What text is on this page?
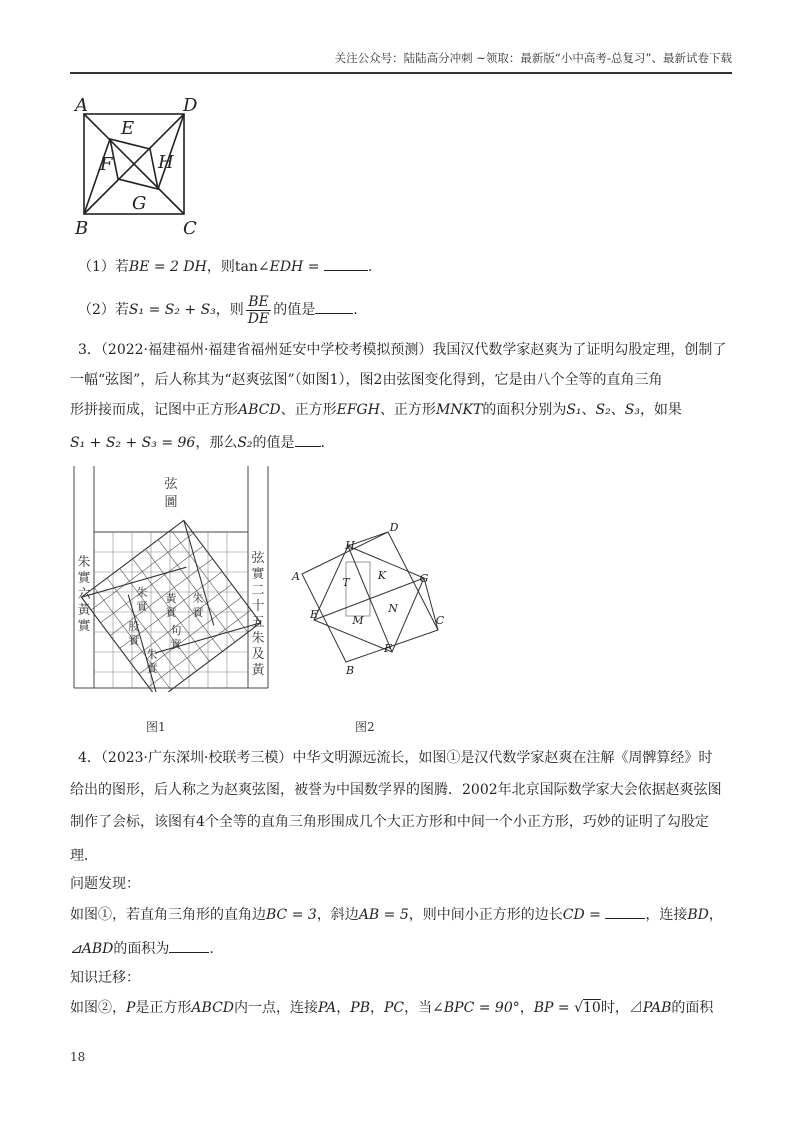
关注公众号：陆陆高分冲刺 ~领取：最新版“小中高考-总复习”、最新试卷下载
A	D
E
F	H
G
B	C
（1）若BE = 2 DH，则tan∠EDH =	.
（2）若S₁ = S₂ + S₃，则 $\frac{BE}{DE}$ 的值是	.
3．（2022·福建福州·福建省福州延安中学校考模拟预测）我国汉代数学家赵爽为了证明勾股定理，创制了
一幅“弦图”，后人称其为“赵爽弦图”（如图1），图2由弦图变化得到，它是由八个全等的直角三角
形拼接而成，记图中正方形ABCD、正方形EFGH、正方形MNKT的面积分别为S₁、S₂、S₃，如果
S₁ + S₂ + S₃ = 96，那么S₂的值是 .
弦
圖
朱
實
六
黃
實
弦
實
二
十
五
朱
及
黃
朱
實
黃
實
朱
實
句
實
股
實
朱
實
图1
D
H
A	T
K	G
E	N
M	C
F
B
图2
4．（2023·广东深圳·校联考三模）中华文明源远流长，如图①是汉代数学家赵爽在注解《周髀算经》时
给出的图形，后人称之为赵爽弦图，被誉为中国数学界的图腾．2002年北京国际数学家大会依据赵爽弦图
制作了会标，该图有4个全等的直角三角形围成几个大正方形和中间一个小正方形，巧妙的证明了勾股定
理．
问题发现：
如图①，若直角三角形的直角边BC = 3，斜边AB = 5，则中间小正方形的边长CD =	，连接BD，
⊿ABD的面积为	.
知识迁移：
如图②，P是正方形ABCD内一点，连接PA，PB，PC，当∠BPC = 90°，BP = √10时，⊿PAB的面积
18
